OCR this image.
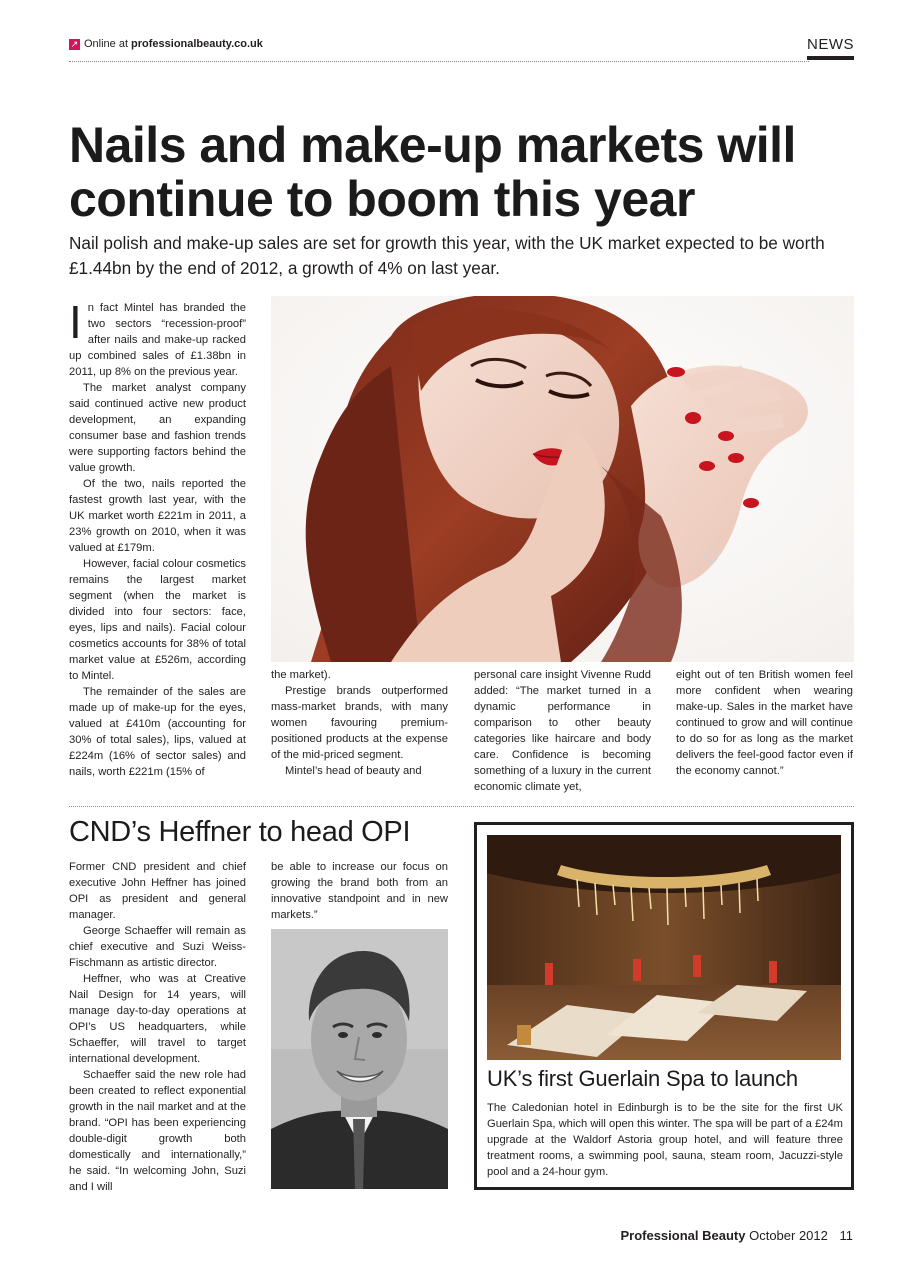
↗ Online at professionalbeauty.co.uk	NEWS
Nails and make-up markets will continue to boom this year
Nail polish and make-up sales are set for growth this year, with the UK market expected to be worth £1.44bn by the end of 2012, a growth of 4% on last year.

In fact Mintel has branded the two sectors “recession-proof” after nails and make-up racked up combined sales of £1.38bn in 2011, up 8% on the previous year.

The market analyst company said continued active new product development, an expanding consumer base and fashion trends were supporting factors behind the value growth.

Of the two, nails reported the fastest growth last year, with the UK market worth £221m in 2011, a 23% growth on 2010, when it was valued at £179m.

However, facial colour cosmetics remains the largest market segment (when the market is divided into four sectors: face, eyes, lips and nails). Facial colour cosmetics accounts for 38% of total market value at £526m, according to Mintel.

The remainder of the sales are made up of make-up for the eyes, valued at £410m (accounting for 30% of total sales), lips, valued at £224m (16% of sector sales) and nails, worth £221m (15% of

the market).

Prestige brands outperformed mass-market brands, with many women favouring premium-positioned products at the expense of the mid-priced segment.

Mintel’s head of beauty and

personal care insight Vivenne Rudd added: “The market turned in a dynamic performance in comparison to other beauty categories like haircare and body care. Confidence is becoming something of a luxury in the current economic climate yet,

eight out of ten British women feel more confident when wearing make-up. Sales in the market have continued to grow and will continue to do so for as long as the market delivers the feel-good factor even if the economy cannot.”

CND’s Heffner to head OPI

Former CND president and chief executive John Heffner has joined OPI as president and general manager.

George Schaeffer will remain as chief executive and Suzi Weiss-Fischmann as artistic director.

Heffner, who was at Creative Nail Design for 14 years, will manage day-to-day operations at OPI’s US headquarters, while Schaeffer, will travel to target international development.

Schaeffer said the new role had been created to reflect exponential growth in the nail market and at the brand. “OPI has been experiencing double-digit growth both domestically and internationally,” he said. “In welcoming John, Suzi and I will

be able to increase our focus on growing the brand both from an innovative standpoint and in new markets.”

UK’s first Guerlain Spa to launch
The Caledonian hotel in Edinburgh is to be the site for the first UK Guerlain Spa, which will open this winter. The spa will be part of a £24m upgrade at the Waldorf Astoria group hotel, and will feature three treatment rooms, a swimming pool, sauna, steam room, Jacuzzi-style pool and a 24-hour gym.
Professional Beauty October 2012 11
